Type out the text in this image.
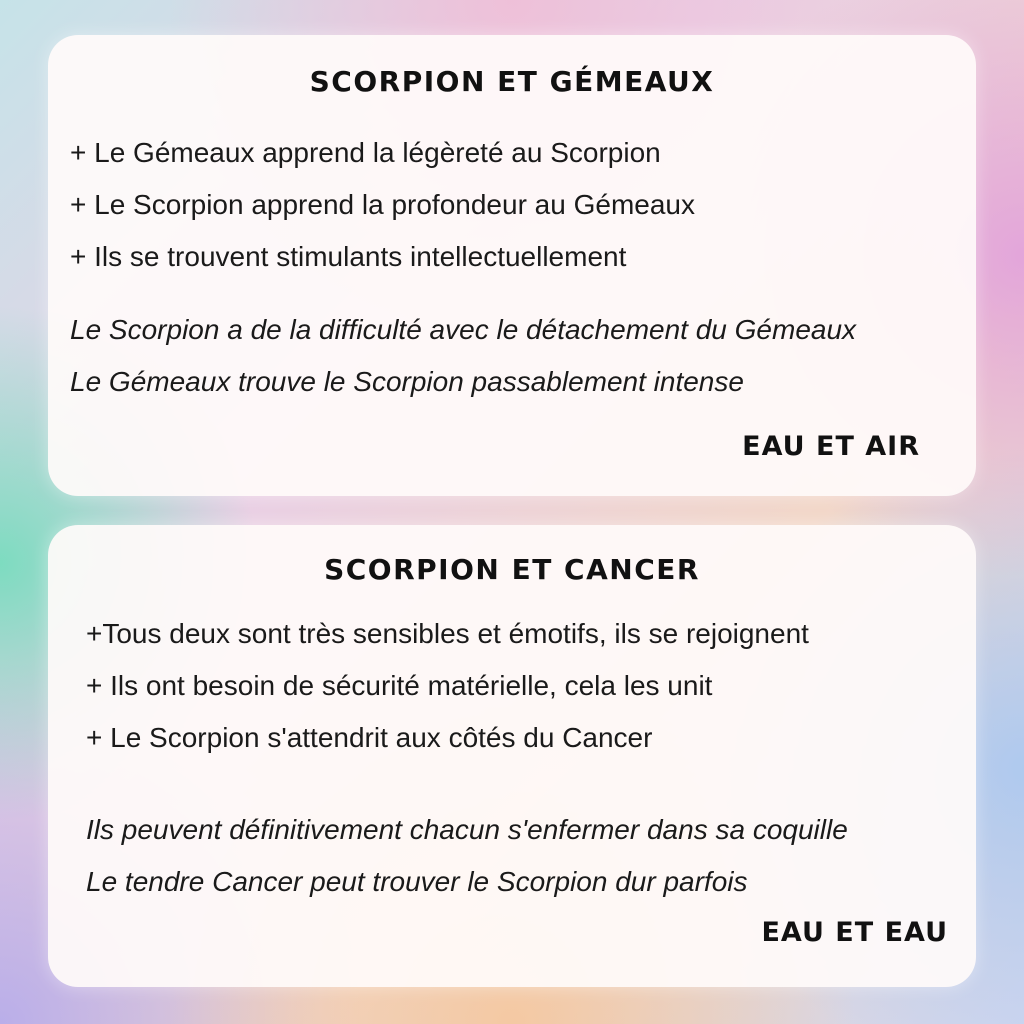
SCORPION ET GÉMEAUX
+ Le Gémeaux apprend la légèreté au Scorpion
+ Le Scorpion apprend la profondeur au Gémeaux
+ Ils se trouvent stimulants intellectuellement
Le Scorpion a de la difficulté avec le détachement du Gémeaux
Le Gémeaux trouve le Scorpion passablement intense
EAU ET AIR
SCORPION ET CANCER
+Tous deux sont très sensibles et émotifs, ils se rejoignent
+ Ils ont besoin de sécurité matérielle, cela les unit
+ Le Scorpion s'attendrit aux côtés du Cancer
Ils peuvent définitivement chacun s'enfermer dans sa coquille
Le tendre Cancer peut trouver le Scorpion dur parfois
EAU ET EAU
